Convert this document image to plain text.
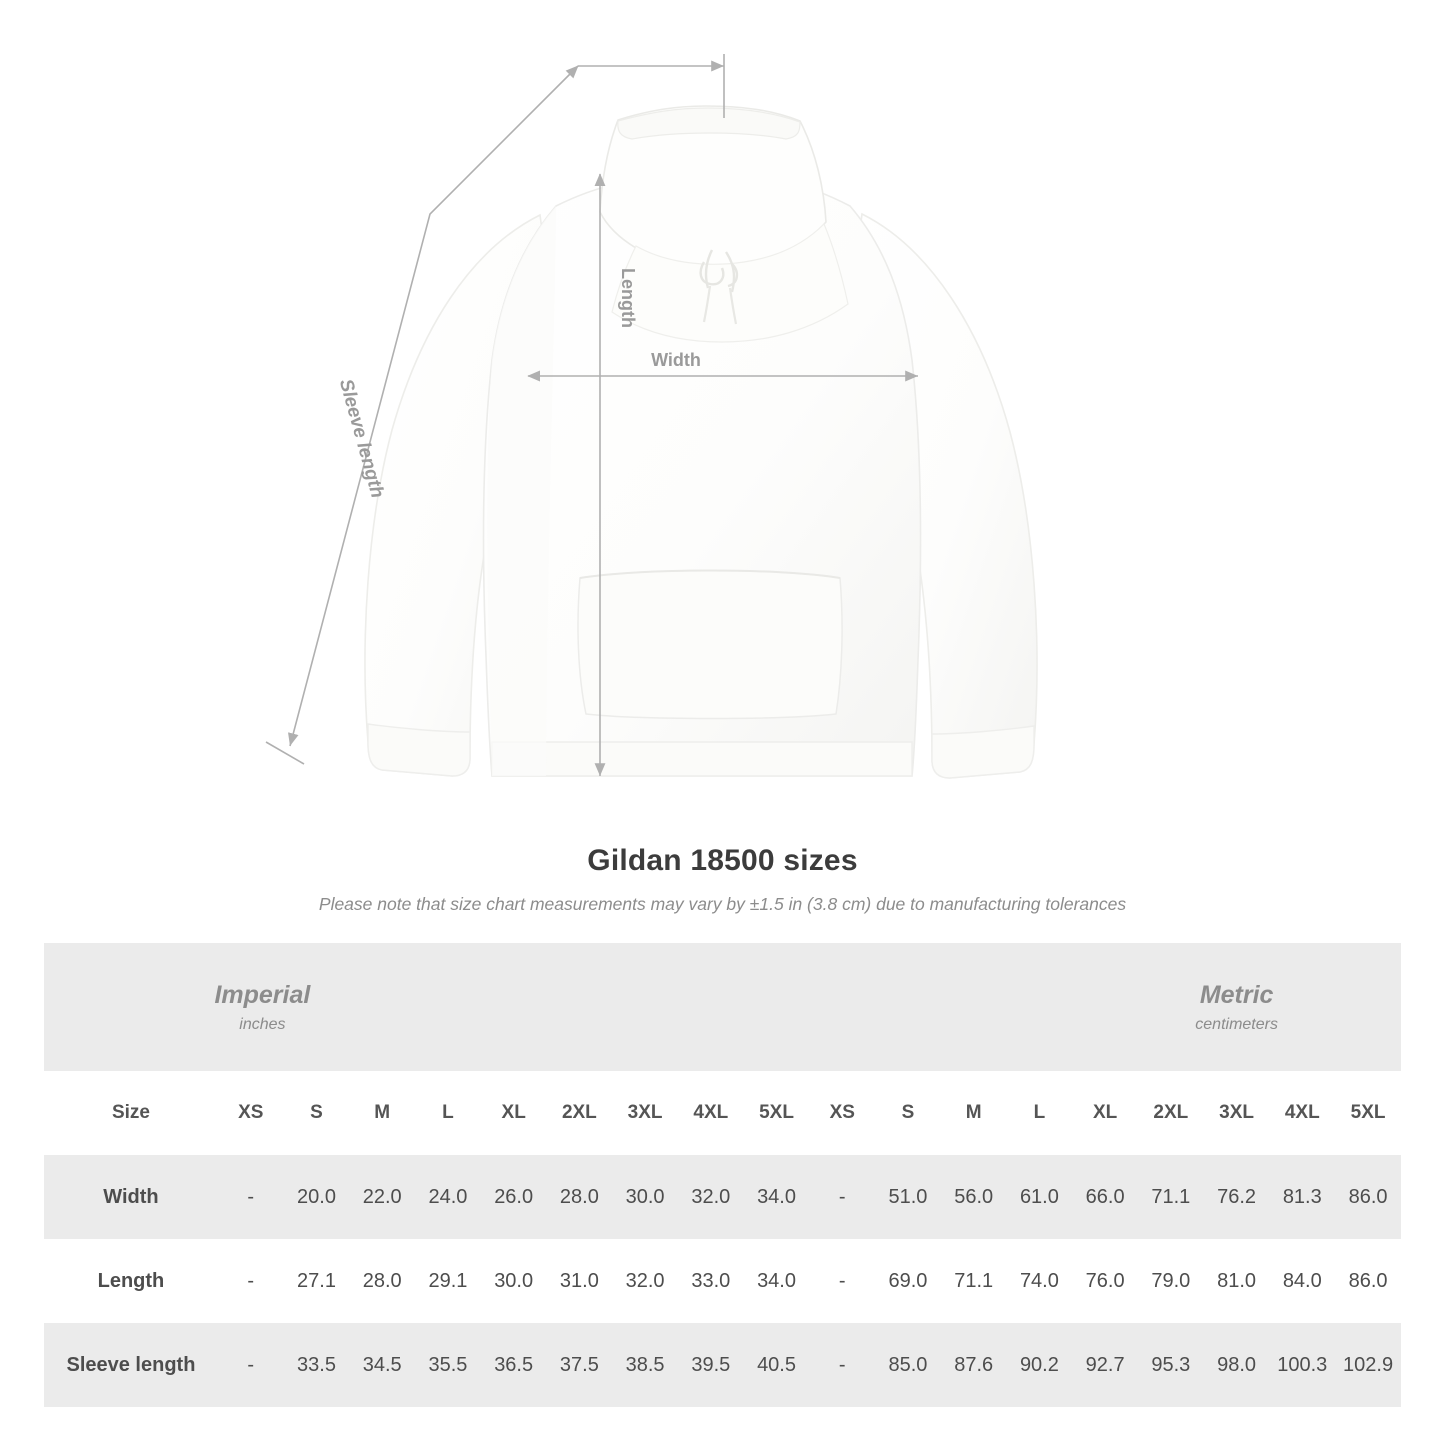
Sleeve length
Length
Width
Gildan 18500 sizes
Please note that size chart measurements may vary by ±1.5 in (3.8 cm) due to manufacturing tolerances
Imperial
inches

Metric
centimeters

Size	XS	S	M	L	XL	2XL	3XL	4XL	5XL	XS	S	M	L	XL	2XL	3XL	4XL	5XL
Width	-	20.0	22.0	24.0	26.0	28.0	30.0	32.0	34.0	-	51.0	56.0	61.0	66.0	71.1	76.2	81.3	86.0
Length	-	27.1	28.0	29.1	30.0	31.0	32.0	33.0	34.0	-	69.0	71.1	74.0	76.0	79.0	81.0	84.0	86.0
Sleeve length	-	33.5	34.5	35.5	36.5	37.5	38.5	39.5	40.5	-	85.0	87.6	90.2	92.7	95.3	98.0	100.3	102.9
